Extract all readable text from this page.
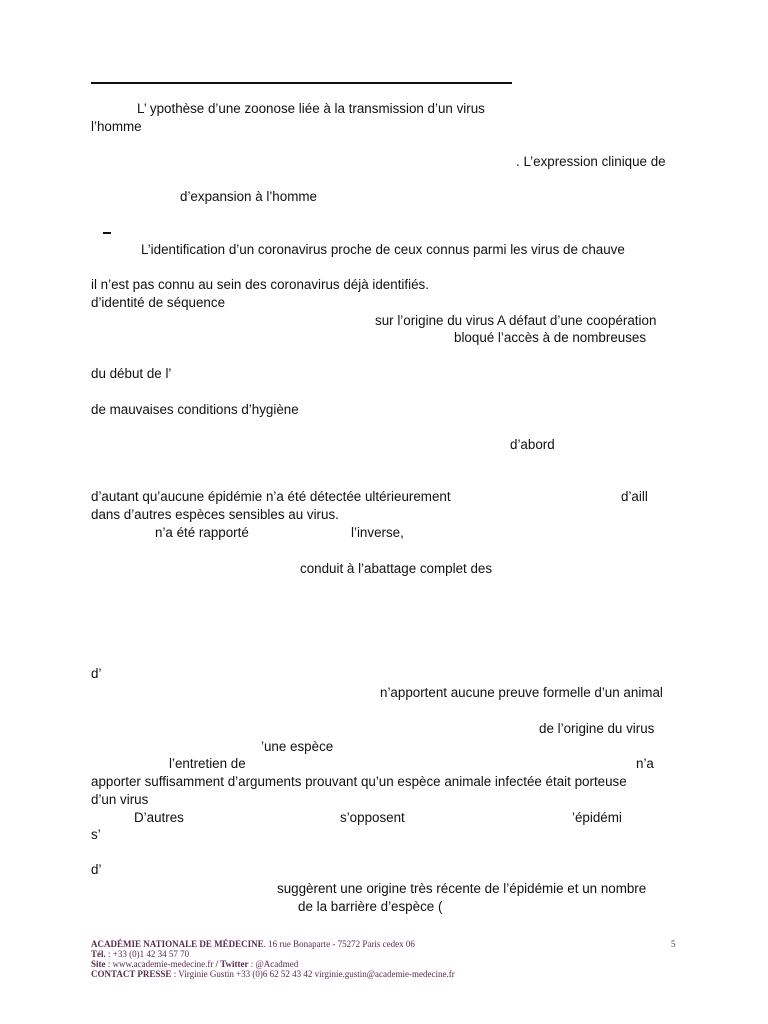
L’ ypothèse d’une zoonose liée à la transmission d’un virus
l’homme
. L’expression clinique de
d’expansion à l’homme
L’identification d’un coronavirus proche de ceux connus parmi les virus de chauve
il n’est pas connu au sein des coronavirus déjà identifiés.
d’identité de séquence
sur l’origine du virus A défaut d’une coopération
bloqué l’accès à de nombreuses
du début de l’
de mauvaises conditions d’hygiène
d’abord
d’autant qu’aucune épidémie n’a été détectée ultérieurement	d’aill
dans d’autres espèces sensibles au virus.
n’a été rapporté	l’inverse,
conduit à l’abattage complet des
d’
n’apportent aucune preuve formelle d’un animal
de l’origine du virus
’une espèce
l’entretien de	n’a
apporter suffisamment d’arguments prouvant qu’un espèce animale infectée était porteuse
d’un virus
D’autres	s’opposent	’épidémi
s’
d’
suggèrent une origine très récente de l’épidémie et un nombre
de la barrière d’espèce (
ACADÉMIE NATIONALE DE MÉDECINE. 16 rue Bonaparte - 75272 Paris cedex 06
Tél. : +33 (0)1 42 34 57 70
Site : www.academie-medecine.fr / Twitter : @Acadmed
CONTACT PRESSE : Virginie Gustin +33 (0)6 62 52 43 42 virginie.gustin@academie-medecine.fr
5
